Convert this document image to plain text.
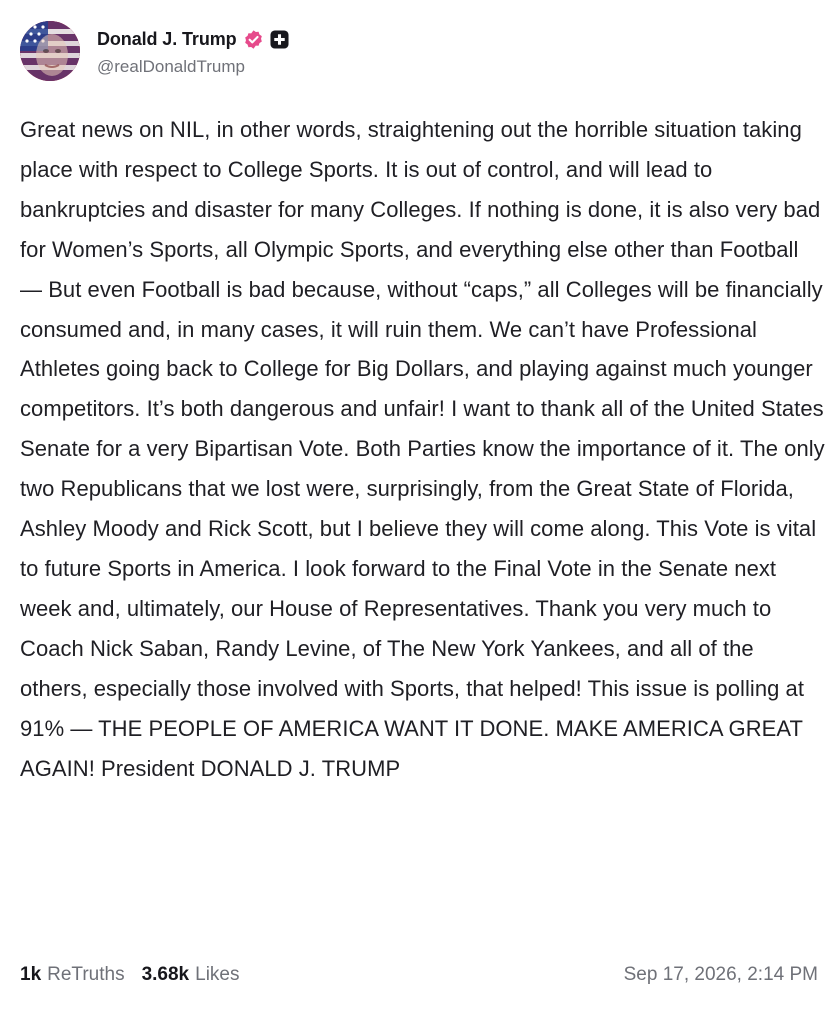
Donald J. Trump
@realDonaldTrump

Great news on NIL, in other words, straightening out the horrible situation taking place with respect to College Sports. It is out of control, and will lead to bankruptcies and disaster for many Colleges. If nothing is done, it is also very bad for Women’s Sports, all Olympic Sports, and everything else other than Football — But even Football is bad because, without “caps,” all Colleges will be financially consumed and, in many cases, it will ruin them. We can’t have Professional Athletes going back to College for Big Dollars, and playing against much younger competitors. It’s both dangerous and unfair! I want to thank all of the United States Senate for a very Bipartisan Vote. Both Parties know the importance of it. The only two Republicans that we lost were, surprisingly, from the Great State of Florida, Ashley Moody and Rick Scott, but I believe they will come along. This Vote is vital to future Sports in America. I look forward to the Final Vote in the Senate next week and, ultimately, our House of Representatives. Thank you very much to Coach Nick Saban, Randy Levine, of The New York Yankees, and all of the others, especially those involved with Sports, that helped! This issue is polling at 91% — THE PEOPLE OF AMERICA WANT IT DONE. MAKE AMERICA GREAT AGAIN! President DONALD J. TRUMP

1k ReTruths 3.68k Likes	Sep 17, 2026, 2:14 PM
